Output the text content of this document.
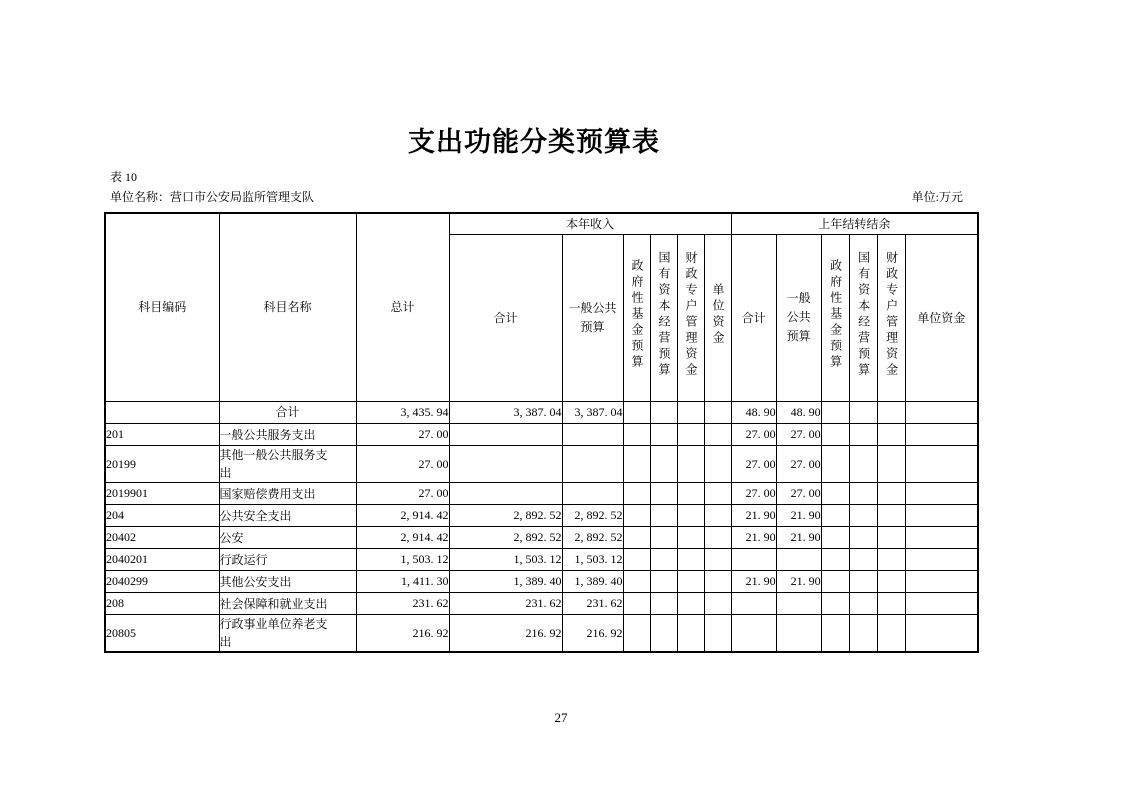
支出功能分类预算表
表 10
单位名称：营口市公安局监所管理支队	单位:万元
科目编码	科目名称	总计	本年收入						上年结转结余					
			合计	一般公共预算	政府性基金预算	国有资本经营预算	财政专户管理资金	单位资金	合计	一般公共预算	政府性基金预算	国有资本经营预算	财政专户管理资金	单位资金
	合计	3, 435. 94	3, 387. 04	3, 387. 04					48. 90	48. 90				
201	一般公共服务支出	27. 00							27. 00	27. 00				
20199	其他一般公共服务支出	27. 00							27. 00	27. 00				
2019901	国家赔偿费用支出	27. 00							27. 00	27. 00				
204	公共安全支出	2, 914. 42	2, 892. 52	2, 892. 52					21. 90	21. 90				
20402	公安	2, 914. 42	2, 892. 52	2, 892. 52					21. 90	21. 90				
2040201	行政运行	1, 503. 12	1, 503. 12	1, 503. 12										
2040299	其他公安支出	1, 411. 30	1, 389. 40	1, 389. 40					21. 90	21. 90				
208	社会保障和就业支出	231. 62	231. 62	231. 62										
20805	行政事业单位养老支出	216. 92	216. 92	216. 92										
27
